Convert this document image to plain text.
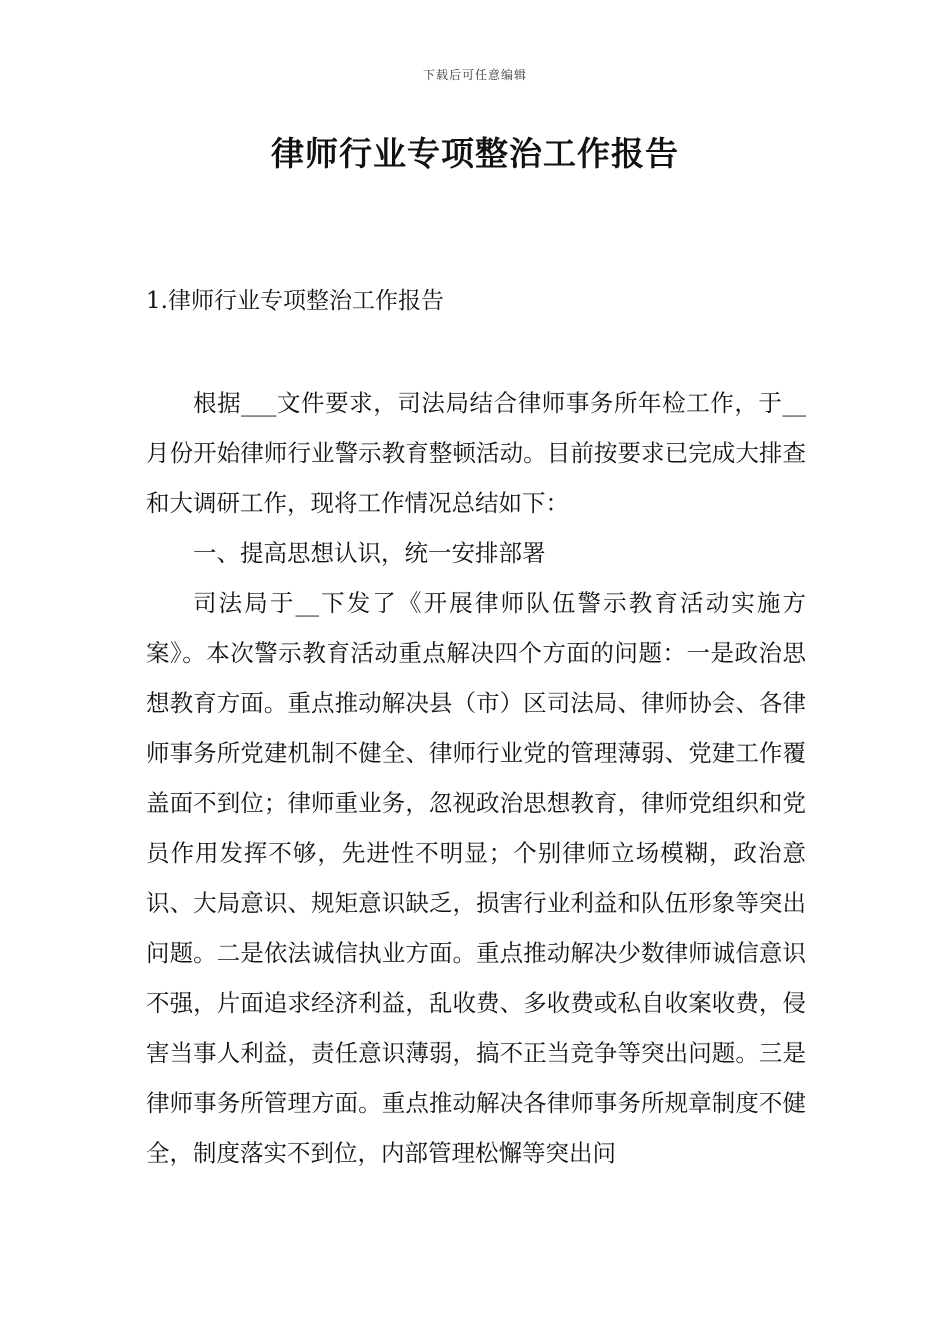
下载后可任意编辑
律师行业专项整治工作报告
1.律师行业专项整治工作报告

根据___文件要求，司法局结合律师事务所年检工作，于__月份开始律师行业警示教育整顿活动。目前按要求已完成大排查和大调研工作，现将工作情况总结如下：

一、提高思想认识，统一安排部署

司法局于__下发了《开展律师队伍警示教育活动实施方案》。本次警示教育活动重点解决四个方面的问题：一是政治思想教育方面。重点推动解决县（市）区司法局、律师协会、各律师事务所党建机制不健全、律师行业党的管理薄弱、党建工作覆盖面不到位；律师重业务，忽视政治思想教育，律师党组织和党员作用发挥不够，先进性不明显；个别律师立场模糊，政治意识、大局意识、规矩意识缺乏，损害行业利益和队伍形象等突出问题。二是依法诚信执业方面。重点推动解决少数律师诚信意识不强，片面追求经济利益，乱收费、多收费或私自收案收费，侵害当事人利益，责任意识薄弱，搞不正当竞争等突出问题。三是律师事务所管理方面。重点推动解决各律师事务所规章制度不健全，制度落实不到位，内部管理松懈等突出问
